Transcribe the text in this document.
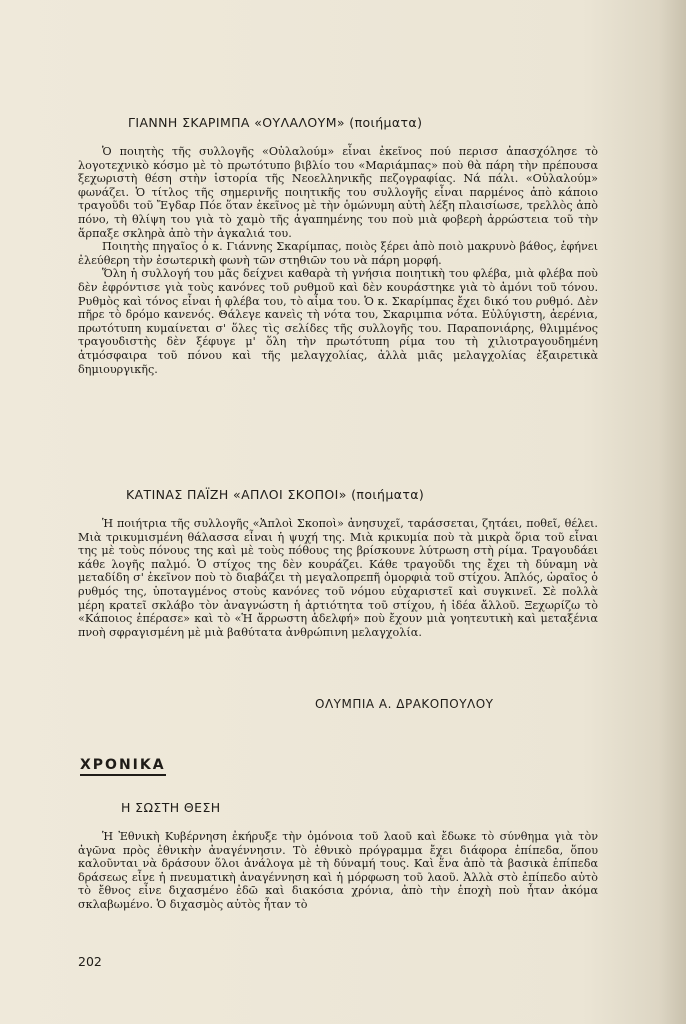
ΓΙΑΝΝΗ ΣΚΑΡΙΜΠΑ «ΟΥΛΑΛΟΥΜ» (ποιήματα)

Ὁ ποιητὴς τῆς συλλογῆς «Οὐλαλούμ» εἶναι ἐκεῖνος πού περισσ ἀπασχόλησε τὸ λογοτεχνικὸ κόσμο μὲ τὸ πρωτότυπο βιβλίο του «Μαριάμπας» ποὺ θὰ πάρη τὴν πρέπουσα ξεχωριστὴ θέση στὴν ἱστορία τῆς Νεοελληνικῆς πεζογραφίας. Νά πάλι. «Οὐλαλούμ» φωνάζει. Ὁ τίτλος τῆς σημερινῆς ποιητικῆς του συλλογῆς εἶναι παρμένος ἀπὸ κάποιο τραγοῦδι τοῦ Ἔγδαρ Πόε ὅταν ἐκεῖνος μὲ τὴν ὁμώνυμη αὐτὴ λέξη πλαισίωσε, τρελλὸς ἀπὸ πόνο, τὴ θλίψη του γιὰ τὸ χαμὸ τῆς ἀγαπημένης του ποὺ μιὰ φοβερὴ ἀρρώστεια τοῦ τὴν ἅρπαξε σκληρὰ ἀπὸ τὴν ἀγκαλιά του.

Ποιητὴς πηγαῖος ὁ κ. Γιάννης Σκαρίμπας, ποιὸς ξέρει ἀπὸ ποιὸ μακρυνὸ βάθος, ἐφήνει ἐλεύθερη τὴν ἐσωτερικὴ φωνὴ τῶν στηθιῶν του νὰ πάρη μορφή.

Ὅλη ἡ συλλογή του μᾶς δείχνει καθαρὰ τὴ γνήσια ποιητικὴ του φλέβα, μιὰ φλέβα ποὺ δὲν ἐφρόντισε γιὰ τοὺς κανόνες τοῦ ρυθμοῦ καὶ δὲν κουράστηκε γιὰ τὸ ἀμόνι τοῦ τόνου. Ρυθμὸς καὶ τόνος εἶναι ἡ φλέβα του, τὸ αἷμα του. Ὁ κ. Σκαρίμπας ἔχει δικό του ρυθμό. Δὲν πῆρε τὸ δρόμο κανενός. Θάλεγε κανεὶς τὴ νότα του, Σκαριμπια νότα. Εὐλύγιστη, ἀερένια, πρωτότυπη κυμαίνεται σ' ὅλες τὶς σελίδες τῆς συλλογῆς του. Παραπονιάρης, θλιμμένος τραγουδιστὴς δὲν ξέφυγε μ' ὅλη τὴν πρωτότυπη ρίμα του τὴ χιλιοτραγουδημένη ἀτμόσφαιρα τοῦ πόνου καὶ τῆς μελαγχολίας, ἀλλὰ μιᾶς μελαγχολίας ἐξαιρετικὰ δημιουργικῆς.

ΚΑΤΙΝΑΣ ΠΑΪΖΗ «ΑΠΛΟΙ ΣΚΟΠΟΙ» (ποιήματα)

Ἡ ποιήτρια τῆς συλλογῆς «Ἁπλοὶ Σκοποὶ» ἀνησυχεῖ, ταράσσεται, ζητάει, ποθεῖ, θέλει. Μιὰ τρικυμισμένη θάλασσα εἶναι ἡ ψυχή της. Μιὰ κρικυμία ποὺ τὰ μικρὰ ὅρια τοῦ εἶναι της μὲ τοὺς πόνους της καὶ μὲ τοὺς πόθους της βρίσκουνε λύτρωση στὴ ρίμα. Τραγουδάει κάθε λογῆς παλμό. Ὁ στίχος της δὲν κουράζει. Κάθε τραγοῦδι της ἔχει τὴ δύναμη νὰ μεταδίδη σ' ἐκεῖνον ποὺ τὸ διαβάζει τὴ μεγαλοπρεπῆ ὀμορφιὰ τοῦ στίχου. Ἁπλός, ὡραῖος ὁ ρυθμός της, ὑποταγμένος στοὺς κανόνες τοῦ νόμου εὐχαριστεῖ καὶ συγκινεῖ. Σὲ πολλὰ μέρη κρατεῖ σκλάβο τὸν ἀναγνώστη ἡ ἀρτιότητα τοῦ στίχου, ἡ ἰδέα ἄλλοῦ. Ξεχωρίζω τὸ «Κάποιος ἐπέρασε» καὶ τὸ «Ἡ ἄρρωστη ἀδελφή» ποὺ ἔχουν μιὰ γοητευτικὴ καὶ μεταξένια πνοὴ σφραγισμένη μὲ μιὰ βαθύτατα ἀνθρώπινη μελαγχολία.

ΟΛΥΜΠΙΑ Α. ΔΡΑΚΟΠΟΥΛΟΥ
ΧΡΟΝΙΚΑ
Η ΣΩΣΤΗ ΘΕΣΗ

Ἡ Ἐθνικὴ Κυβέρνηση ἐκήρυξε τὴν ὁμόνοια τοῦ λαοῦ καὶ ἔδωκε τὸ σύνθημα γιὰ τὸν ἀγῶνα πρὸς ἐθνικὴν ἀναγέννησιν. Τὸ ἐθνικὸ πρόγραμμα ἔχει διάφορα ἐπίπεδα, ὅπου καλοῦνται νὰ δράσουν ὅλοι ἀνάλογα μὲ τὴ δύναμή τους. Καὶ ἕνα ἀπὸ τὰ βασικὰ ἐπίπεδα δράσεως εἶνε ἡ πνευματικὴ ἀναγέννηση καὶ ἡ μόρφωση τοῦ λαοῦ. Ἀλλὰ στὸ ἐπίπεδο αὐτὸ τὸ ἔθνος εἶνε διχασμένο ἐδῶ καὶ διακόσια χρόνια, ἀπὸ τὴν ἐποχὴ ποὺ ἦταν ἀκόμα σκλαβωμένο. Ὁ διχασμὸς αὐτὸς ἦταν τὸ

202
